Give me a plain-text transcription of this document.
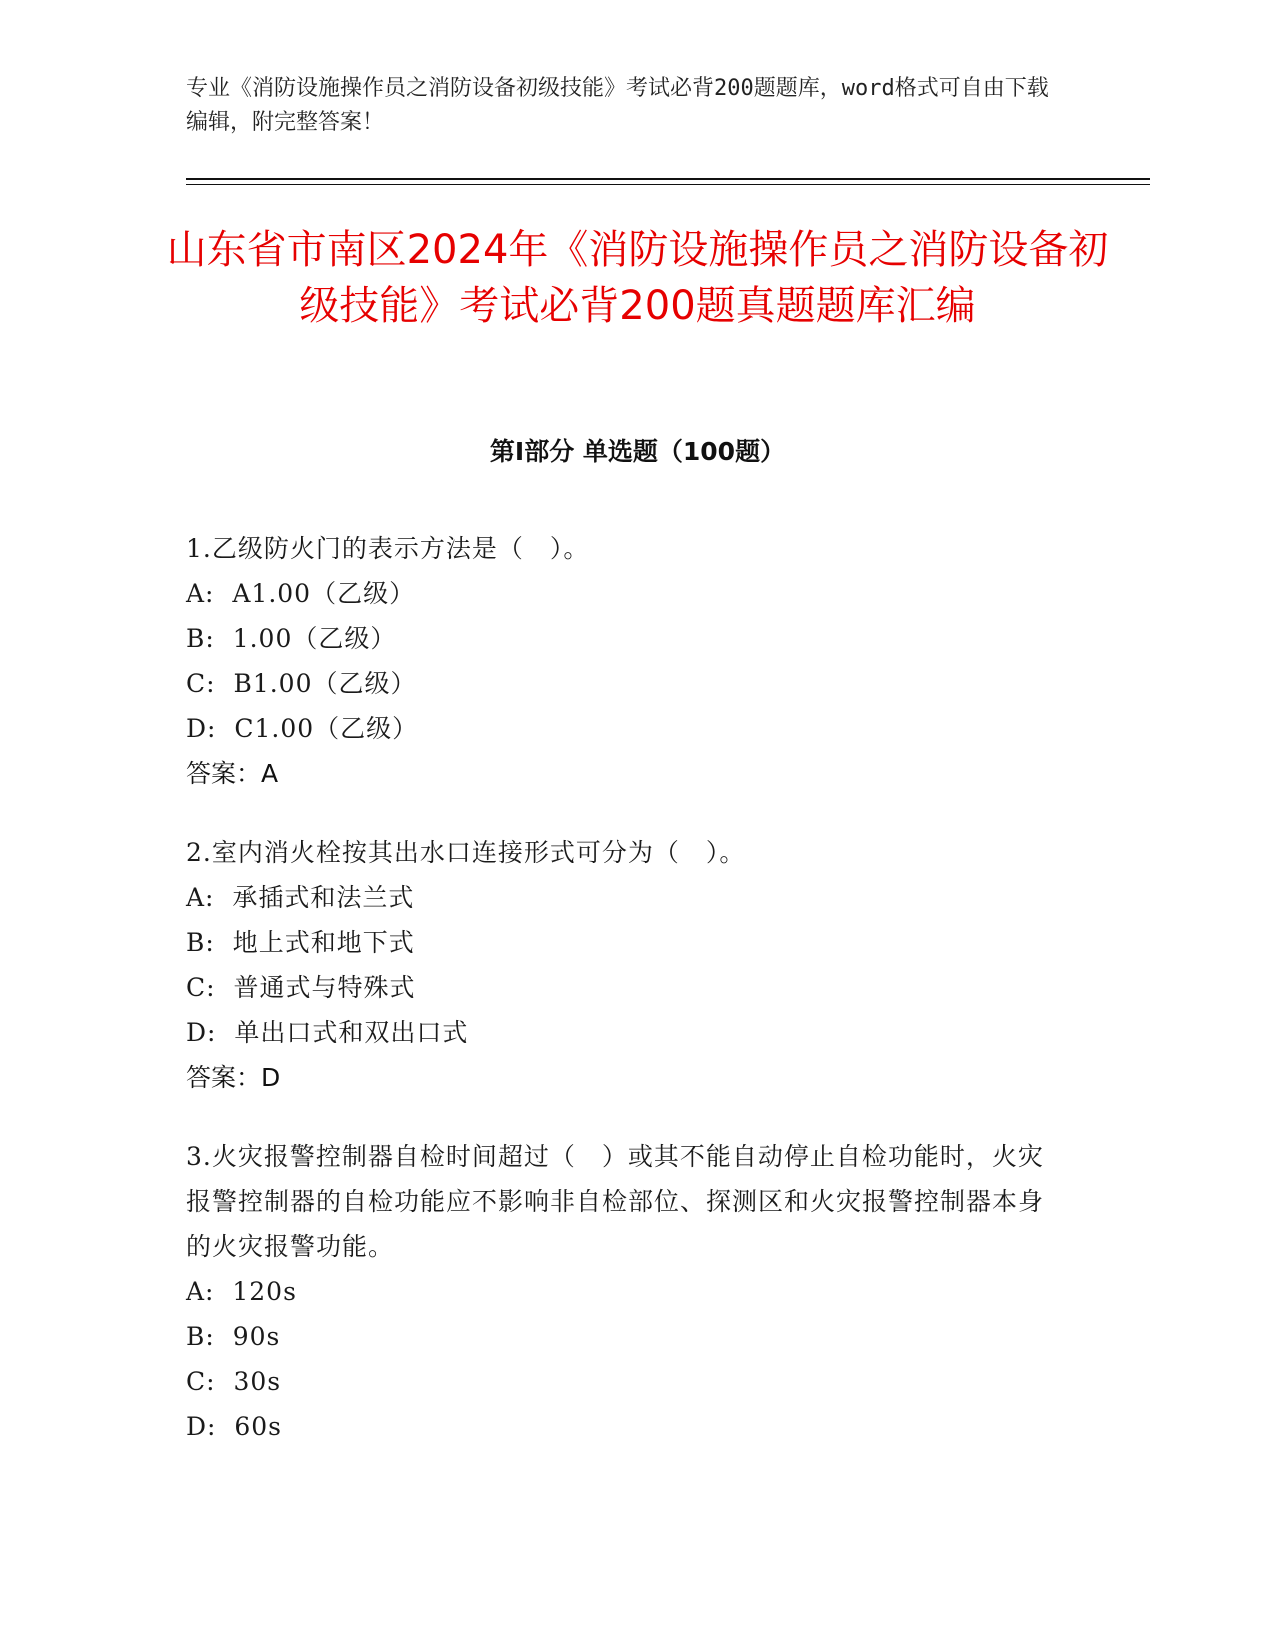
专业《消防设施操作员之消防设备初级技能》考试必背200题题库，word格式可自由下载编辑，附完整答案！
山东省市南区2024年《消防设施操作员之消防设备初级技能》考试必背200题真题题库汇编
第Ⅰ部分 单选题（100题）
1.乙级防火门的表示方法是（　）。
A:  A1.00（乙级）
B:  1.00（乙级）
C:  B1.00（乙级）
D:  C1.00（乙级）
答案：A
2.室内消火栓按其出水口连接形式可分为（　）。
A:  承插式和法兰式
B:  地上式和地下式
C:  普通式与特殊式
D:  单出口式和双出口式
答案：D
3.火灾报警控制器自检时间超过（　）或其不能自动停止自检功能时，火灾报警控制器的自检功能应不影响非自检部位、探测区和火灾报警控制器本身的火灾报警功能。
A:  120s
B:  90s
C:  30s
D:  60s
